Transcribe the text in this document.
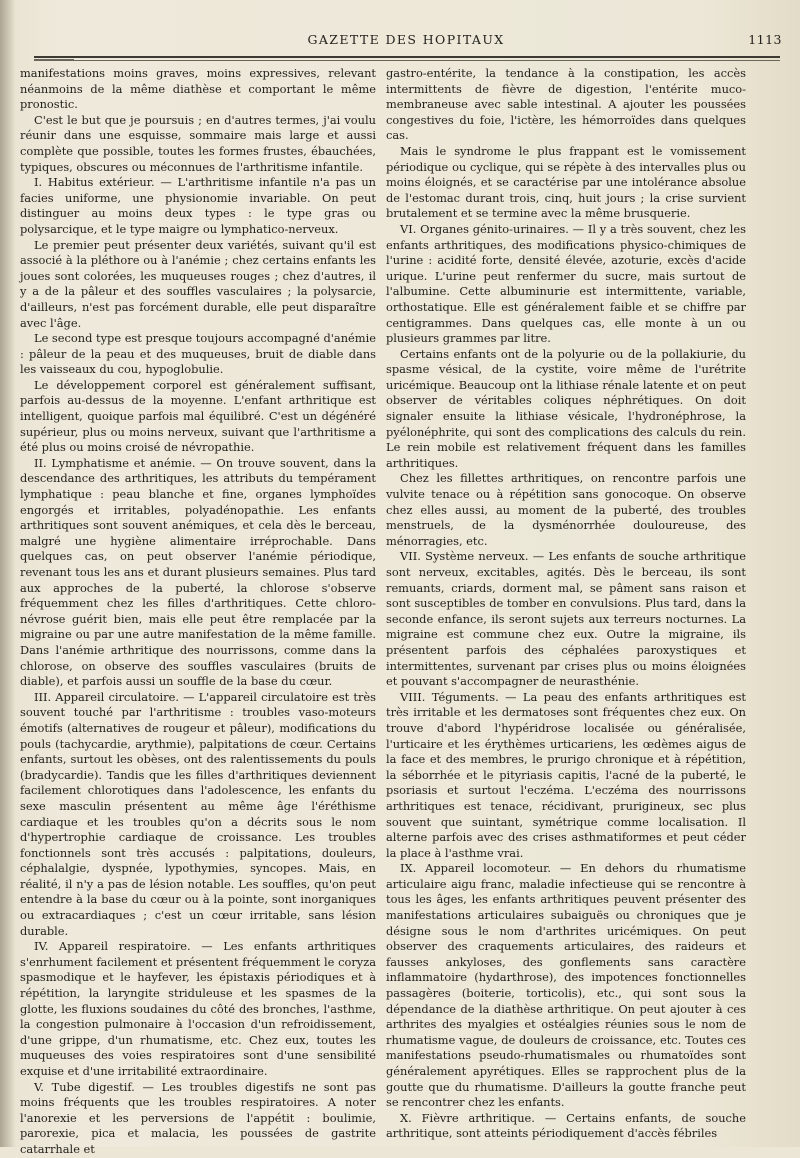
GAZETTE DES HOPITAUX	1113

manifestations moins graves, moins expressives, relevant néanmoins de la même diathèse et comportant le même pronostic.

C'est le but que je poursuis ; en d'autres termes, j'ai voulu réunir dans une esquisse, sommaire mais large et aussi complète que possible, toutes les formes frustes, ébauchées, typiques, obscures ou méconnues de l'arthritisme infantile.

I. Habitus extérieur. — L'arthritisme infantile n'a pas un facies uniforme, une physionomie invariable. On peut distinguer au moins deux types : le type gras ou polysarcique, et le type maigre ou lymphatico-nerveux.

Le premier peut présenter deux variétés, suivant qu'il est associé à la pléthore ou à l'anémie ; chez certains enfants les joues sont colorées, les muqueuses rouges ; chez d'autres, il y a de la pâleur et des souffles vasculaires ; la polysarcie, d'ailleurs, n'est pas forcément durable, elle peut disparaître avec l'âge.

Le second type est presque toujours accompagné d'anémie : pâleur de la peau et des muqueuses, bruit de diable dans les vaisseaux du cou, hypoglobulie.

Le développement corporel est généralement suffisant, parfois au-dessus de la moyenne. L'enfant arthritique est intelligent, quoique parfois mal équilibré. C'est un dégénéré supérieur, plus ou moins nerveux, suivant que l'arthritisme a été plus ou moins croisé de névropathie.

II. Lymphatisme et anémie. — On trouve souvent, dans la descendance des arthritiques, les attributs du tempérament lymphatique : peau blanche et fine, organes lymphoïdes engorgés et irritables, polyadénopathie. Les enfants arthritiques sont souvent anémiques, et cela dès le berceau, malgré une hygiène alimentaire irréprochable. Dans quelques cas, on peut observer l'anémie périodique, revenant tous les ans et durant plusieurs semaines. Plus tard aux approches de la puberté, la chlorose s'observe fréquemment chez les filles d'arthritiques. Cette chloro-névrose guérit bien, mais elle peut être remplacée par la migraine ou par une autre manifestation de la même famille. Dans l'anémie arthritique des nourrissons, comme dans la chlorose, on observe des souffles vasculaires (bruits de diable), et parfois aussi un souffle de la base du cœur.

III. Appareil circulatoire. — L'appareil circulatoire est très souvent touché par l'arthritisme : troubles vaso-moteurs émotifs (alternatives de rougeur et pâleur), modifications du pouls (tachycardie, arythmie), palpitations de cœur. Certains enfants, surtout les obèses, ont des ralentissements du pouls (bradycardie). Tandis que les filles d'arthritiques deviennent facilement chlorotiques dans l'adolescence, les enfants du sexe masculin présentent au même âge l'éréthisme cardiaque et les troubles qu'on a décrits sous le nom d'hypertrophie cardiaque de croissance. Les troubles fonctionnels sont très accusés : palpitations, douleurs, céphalalgie, dyspnée, lypothymies, syncopes. Mais, en réalité, il n'y a pas de lésion notable. Les souffles, qu'on peut entendre à la base du cœur ou à la pointe, sont inorganiques ou extracardiaques ; c'est un cœur irritable, sans lésion durable.

IV. Appareil respiratoire. — Les enfants arthritiques s'enrhument facilement et présentent fréquemment le coryza spasmodique et le hayfever, les épistaxis périodiques et à répétition, la laryngite striduleuse et les spasmes de la glotte, les fluxions soudaines du côté des bronches, l'asthme, la congestion pulmonaire à l'occasion d'un refroidissement, d'une grippe, d'un rhumatisme, etc. Chez eux, toutes les muqueuses des voies respiratoires sont d'une sensibilité exquise et d'une irritabilité extraordinaire.

V. Tube digestif. — Les troubles digestifs ne sont pas moins fréquents que les troubles respiratoires. A noter l'anorexie et les perversions de l'appétit : boulimie, parorexie, pica et malacia, les poussées de gastrite catarrhale et

gastro-entérite, la tendance à la constipation, les accès intermittents de fièvre de digestion, l'entérite muco-membraneuse avec sable intestinal. A ajouter les poussées congestives du foie, l'ictère, les hémorroïdes dans quelques cas.

Mais le syndrome le plus frappant est le vomissement périodique ou cyclique, qui se répète à des intervalles plus ou moins éloignés, et se caractérise par une intolérance absolue de l'estomac durant trois, cinq, huit jours ; la crise survient brutalement et se termine avec la même brusquerie.

VI. Organes génito-urinaires. — Il y a très souvent, chez les enfants arthritiques, des modifications physico-chimiques de l'urine : acidité forte, densité élevée, azoturie, excès d'acide urique. L'urine peut renfermer du sucre, mais surtout de l'albumine. Cette albuminurie est intermittente, variable, orthostatique. Elle est généralement faible et se chiffre par centigrammes. Dans quelques cas, elle monte à un ou plusieurs grammes par litre.

Certains enfants ont de la polyurie ou de la pollakiurie, du spasme vésical, de la cystite, voire même de l'urétrite uricémique. Beaucoup ont la lithiase rénale latente et on peut observer de véritables coliques néphrétiques. On doit signaler ensuite la lithiase vésicale, l'hydronéphrose, la pyélonéphrite, qui sont des complications des calculs du rein. Le rein mobile est relativement fréquent dans les familles arthritiques.

Chez les fillettes arthritiques, on rencontre parfois une vulvite tenace ou à répétition sans gonocoque. On observe chez elles aussi, au moment de la puberté, des troubles menstruels, de la dysménorrhée douloureuse, des ménorragies, etc.

VII. Système nerveux. — Les enfants de souche arthritique sont nerveux, excitables, agités. Dès le berceau, ils sont remuants, criards, dorment mal, se pâment sans raison et sont susceptibles de tomber en convulsions. Plus tard, dans la seconde enfance, ils seront sujets aux terreurs nocturnes. La migraine est commune chez eux. Outre la migraine, ils présentent parfois des céphalées paroxystiques et intermittentes, survenant par crises plus ou moins éloignées et pouvant s'accompagner de neurasthénie.

VIII. Téguments. — La peau des enfants arthritiques est très irritable et les dermatoses sont fréquentes chez eux. On trouve d'abord l'hypéridrose localisée ou généralisée, l'urticaire et les érythèmes urticariens, les œdèmes aigus de la face et des membres, le prurigo chronique et à répétition, la séborrhée et le pityriasis capitis, l'acné de la puberté, le psoriasis et surtout l'eczéma. L'eczéma des nourrissons arthritiques est tenace, récidivant, prurigineux, sec plus souvent que suintant, symétrique comme localisation. Il alterne parfois avec des crises asthmatiformes et peut céder la place à l'asthme vrai.

IX. Appareil locomoteur. — En dehors du rhumatisme articulaire aigu franc, maladie infectieuse qui se rencontre à tous les âges, les enfants arthritiques peuvent présenter des manifestations articulaires subaiguës ou chroniques que je désigne sous le nom d'arthrites uricémiques. On peut observer des craquements articulaires, des raideurs et fausses ankyloses, des gonflements sans caractère inflammatoire (hydarthrose), des impotences fonctionnelles passagères (boiterie, torticolis), etc., qui sont sous la dépendance de la diathèse arthritique. On peut ajouter à ces arthrites des myalgies et ostéalgies réunies sous le nom de rhumatisme vague, de douleurs de croissance, etc. Toutes ces manifestations pseudo-rhumatismales ou rhumatoïdes sont généralement apyrétiques. Elles se rapprochent plus de la goutte que du rhumatisme. D'ailleurs la goutte franche peut se rencontrer chez les enfants.

X. Fièvre arthritique. — Certains enfants, de souche arthritique, sont atteints périodiquement d'accès fébriles
